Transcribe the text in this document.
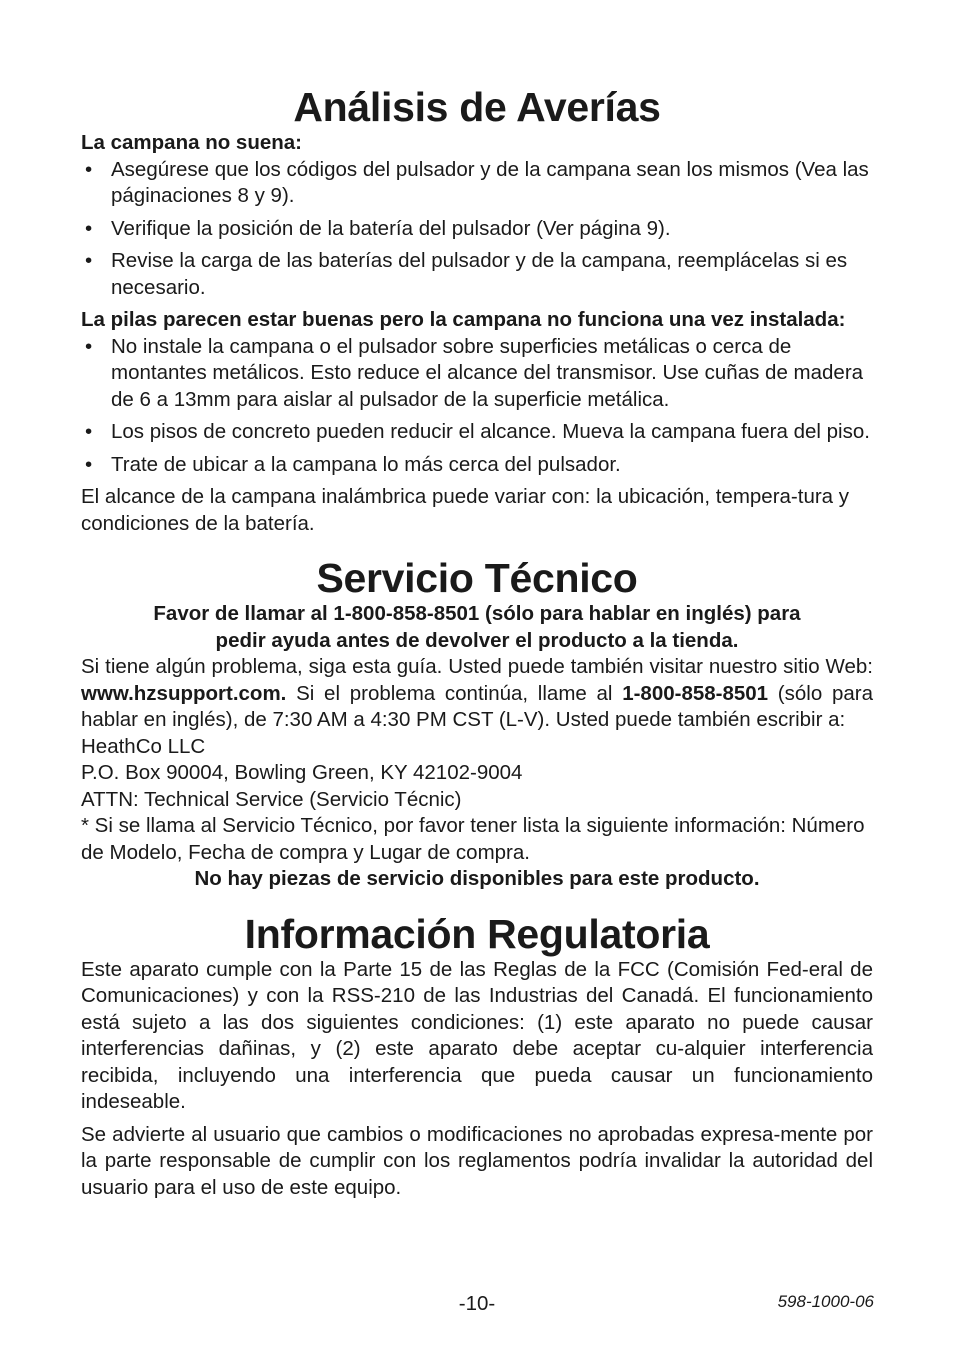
Análisis de Averías

La campana no suena:

• Asegúrese que los códigos del pulsador y de la campana sean los mismos (Vea las páginaciones 8 y 9).
• Verifique la posición de la batería del pulsador (Ver página 9).
• Revise la carga de las baterías del pulsador y de la campana, reemplácelas si es necesario.

La pilas parecen estar buenas pero la campana no funciona una vez instalada:

• No instale la campana o el pulsador sobre superficies metálicas o cerca de montantes metálicos. Esto reduce el alcance del transmisor. Use cuñas de madera de 6 a 13mm para aislar al pulsador de la superficie metálica.
• Los pisos de concreto pueden reducir el alcance. Mueva la campana fuera del piso.
• Trate de ubicar a la campana lo más cerca del pulsador.

El alcance de la campana inalámbrica puede variar con: la ubicación, tempera-tura y condiciones de la batería.

Servicio Técnico

Favor de llamar al 1-800-858-8501 (sólo para hablar en inglés) para

pedir ayuda antes de devolver el producto a la tienda.

Si tiene algún problema, siga esta guía. Usted puede también visitar nuestro sitio Web: www.hzsupport.com. Si el problema continúa, llame al 1-800-858-8501 (sólo para hablar en inglés), de 7:30 AM a 4:30 PM CST (L-V). Usted puede también escribir a:

HeathCo LLC
P.O. Box 90004, Bowling Green, KY 42102-9004
ATTN: Technical Service (Servicio Técnic)

* Si se llama al Servicio Técnico, por favor tener lista la siguiente información: Número de Modelo, Fecha de compra y Lugar de compra.

No hay piezas de servicio disponibles para este producto.

Información Regulatoria

Este aparato cumple con la Parte 15 de las Reglas de la FCC (Comisión Fed-eral de Comunicaciones) y con la RSS-210 de las Industrias del Canadá. El funcionamiento está sujeto a las dos siguientes condiciones: (1) este aparato no puede causar interferencias dañinas, y (2) este aparato debe aceptar cu-alquier interferencia recibida, incluyendo una interferencia que pueda causar un funcionamiento indeseable.

Se advierte al usuario que cambios o modificaciones no aprobadas expresa-mente por la parte responsable de cumplir con los reglamentos podría invalidar la autoridad del usuario para el uso de este equipo.

-10-	598-1000-06
